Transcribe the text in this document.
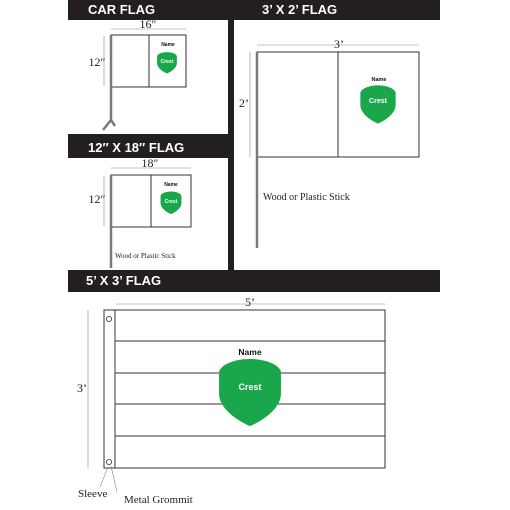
CAR FLAG	3’ X 2’ FLAG
12″ X 18″ FLAG
5’ X 3’ FLAG
16″
12″
Name
Crest
18″
12″
Name
Crest
Wood or Plastic Stick
3’
2’
Name
Crest
Wood or Plastic Stick
5’
3’
Name
Crest
Sleeve Metal Grommit
